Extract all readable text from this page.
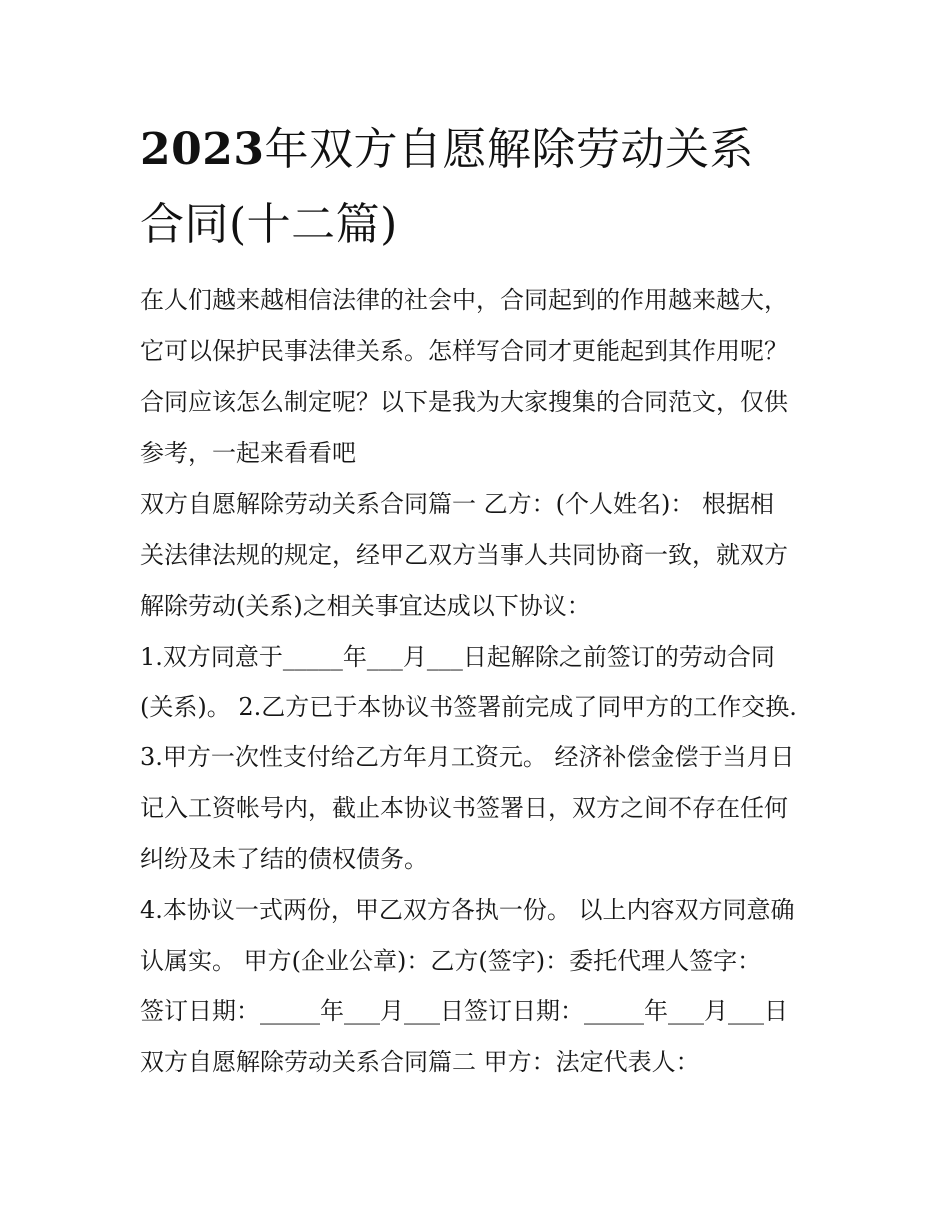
2023年双方自愿解除劳动关系
合同(十二篇)

在人们越来越相信法律的社会中，合同起到的作用越来越大，

它可以保护民事法律关系。怎样写合同才更能起到其作用呢？

合同应该怎么制定呢？以下是我为大家搜集的合同范文，仅供

参考，一起来看看吧

双方自愿解除劳动关系合同篇一 乙方：(个人姓名)： 根据相

关法律法规的规定，经甲乙双方当事人共同协商一致，就双方

解除劳动(关系)之相关事宜达成以下协议：

1.双方同意于_____年___月___日起解除之前签订的劳动合同

(关系)。 2.乙方已于本协议书签署前完成了同甲方的工作交换.

3.甲方一次性支付给乙方年月工资元。 经济补偿金偿于当月日

记入工资帐号内，截止本协议书签署日，双方之间不存在任何

纠纷及未了结的债权债务。

4.本协议一式两份，甲乙双方各执一份。 以上内容双方同意确

认属实。 甲方(企业公章)：乙方(签字)：委托代理人签字：

签订日期：_____年___月___日签订日期：_____年___月___日

双方自愿解除劳动关系合同篇二 甲方：法定代表人：
